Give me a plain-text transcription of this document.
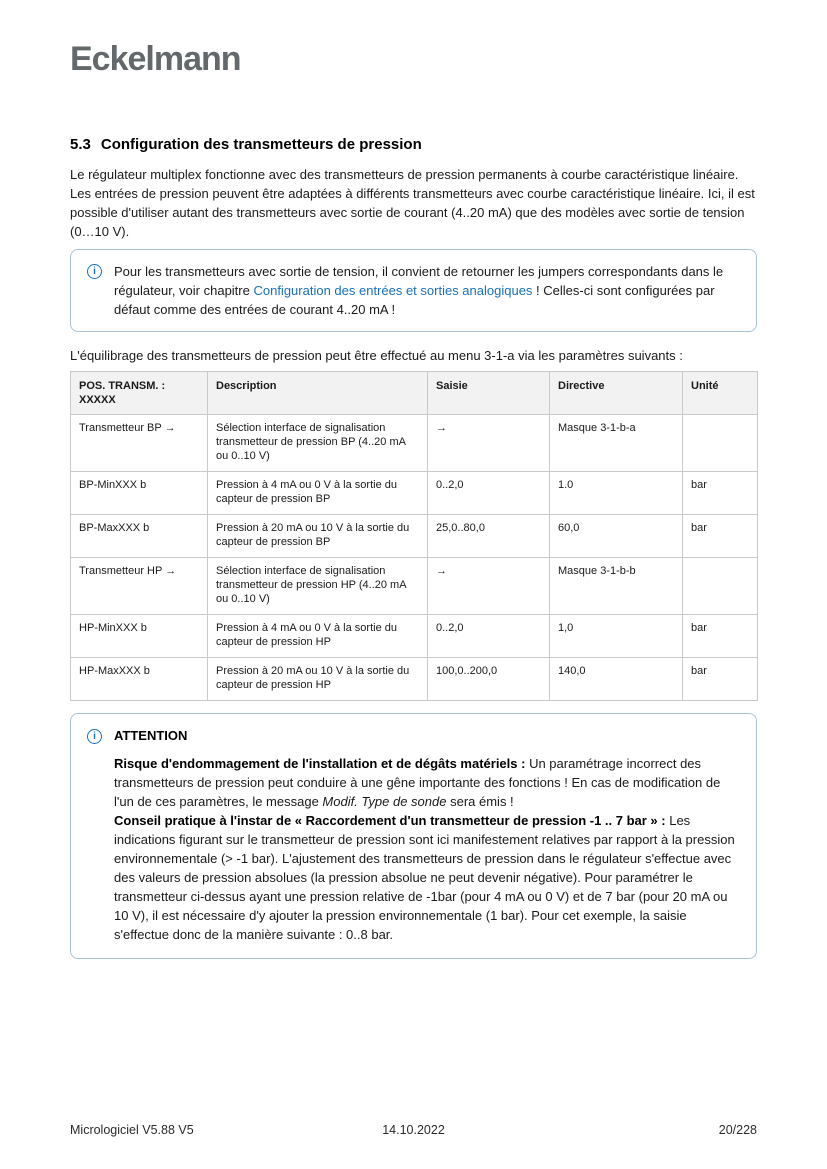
Eckelmann
5.3 Configuration des transmetteurs de pression

Le régulateur multiplex fonctionne avec des transmetteurs de pression permanents à courbe caractéristique linéaire. Les entrées de pression peuvent être adaptées à différents transmetteurs avec courbe caractéristique linéaire. Ici, il est possible d'utiliser autant des transmetteurs avec sortie de courant (4..20 mA) que des modèles avec sortie de tension (0…10 V).

i	Pour les transmetteurs avec sortie de tension, il convient de retourner les jumpers correspondants dans le régulateur, voir chapitre Configuration des entrées et sorties analogiques ! Celles-ci sont configurées par défaut comme des entrées de courant 4..20 mA !

L'équilibrage des transmetteurs de pression peut être effectué au menu 3-1-a via les paramètres suivants :

POS. TRANSM. : XXXXX	Description	Saisie	Directive	Unité
Transmetteur BP →	Sélection interface de signalisation transmetteur de pression BP (4..20 mA ou 0..10 V)	→	Masque 3-1-b-a	
BP-MinXXX b	Pression à 4 mA ou 0 V à la sortie du capteur de pression BP	0..2,0	1.0	bar
BP-MaxXXX b	Pression à 20 mA ou 10 V à la sortie du capteur de pression BP	25,0..80,0	60,0	bar
Transmetteur HP →	Sélection interface de signalisation transmetteur de pression HP (4..20 mA ou 0..10 V)	→	Masque 3-1-b-b	
HP-MinXXX b	Pression à 4 mA ou 0 V à la sortie du capteur de pression HP	0..2,0	1,0	bar
HP-MaxXXX b	Pression à 20 mA ou 10 V à la sortie du capteur de pression HP	100,0..200,0	140,0	bar
i	ATTENTION
Risque d'endommagement de l'installation et de dégâts matériels : Un paramétrage incorrect des transmetteurs de pression peut conduire à une gêne importante des fonctions ! En cas de modification de l'un de ces paramètres, le message Modif. Type de sonde sera émis !
Conseil pratique à l'instar de « Raccordement d'un transmetteur de pression -1 .. 7 bar » : Les indications figurant sur le transmetteur de pression sont ici manifestement relatives par rapport à la pression environnementale (> -1 bar). L'ajustement des transmetteurs de pression dans le régulateur s'effectue avec des valeurs de pression absolues (la pression absolue ne peut devenir négative). Pour paramétrer le transmetteur ci-dessus ayant une pression relative de -1bar (pour 4 mA ou 0 V) et de 7 bar (pour 20 mA ou 10 V), il est nécessaire d'y ajouter la pression environnementale (1 bar). Pour cet exemple, la saisie s'effectue donc de la manière suivante : 0..8 bar.
14.10.2022
Micrologiciel V5.88 V5	20/228
